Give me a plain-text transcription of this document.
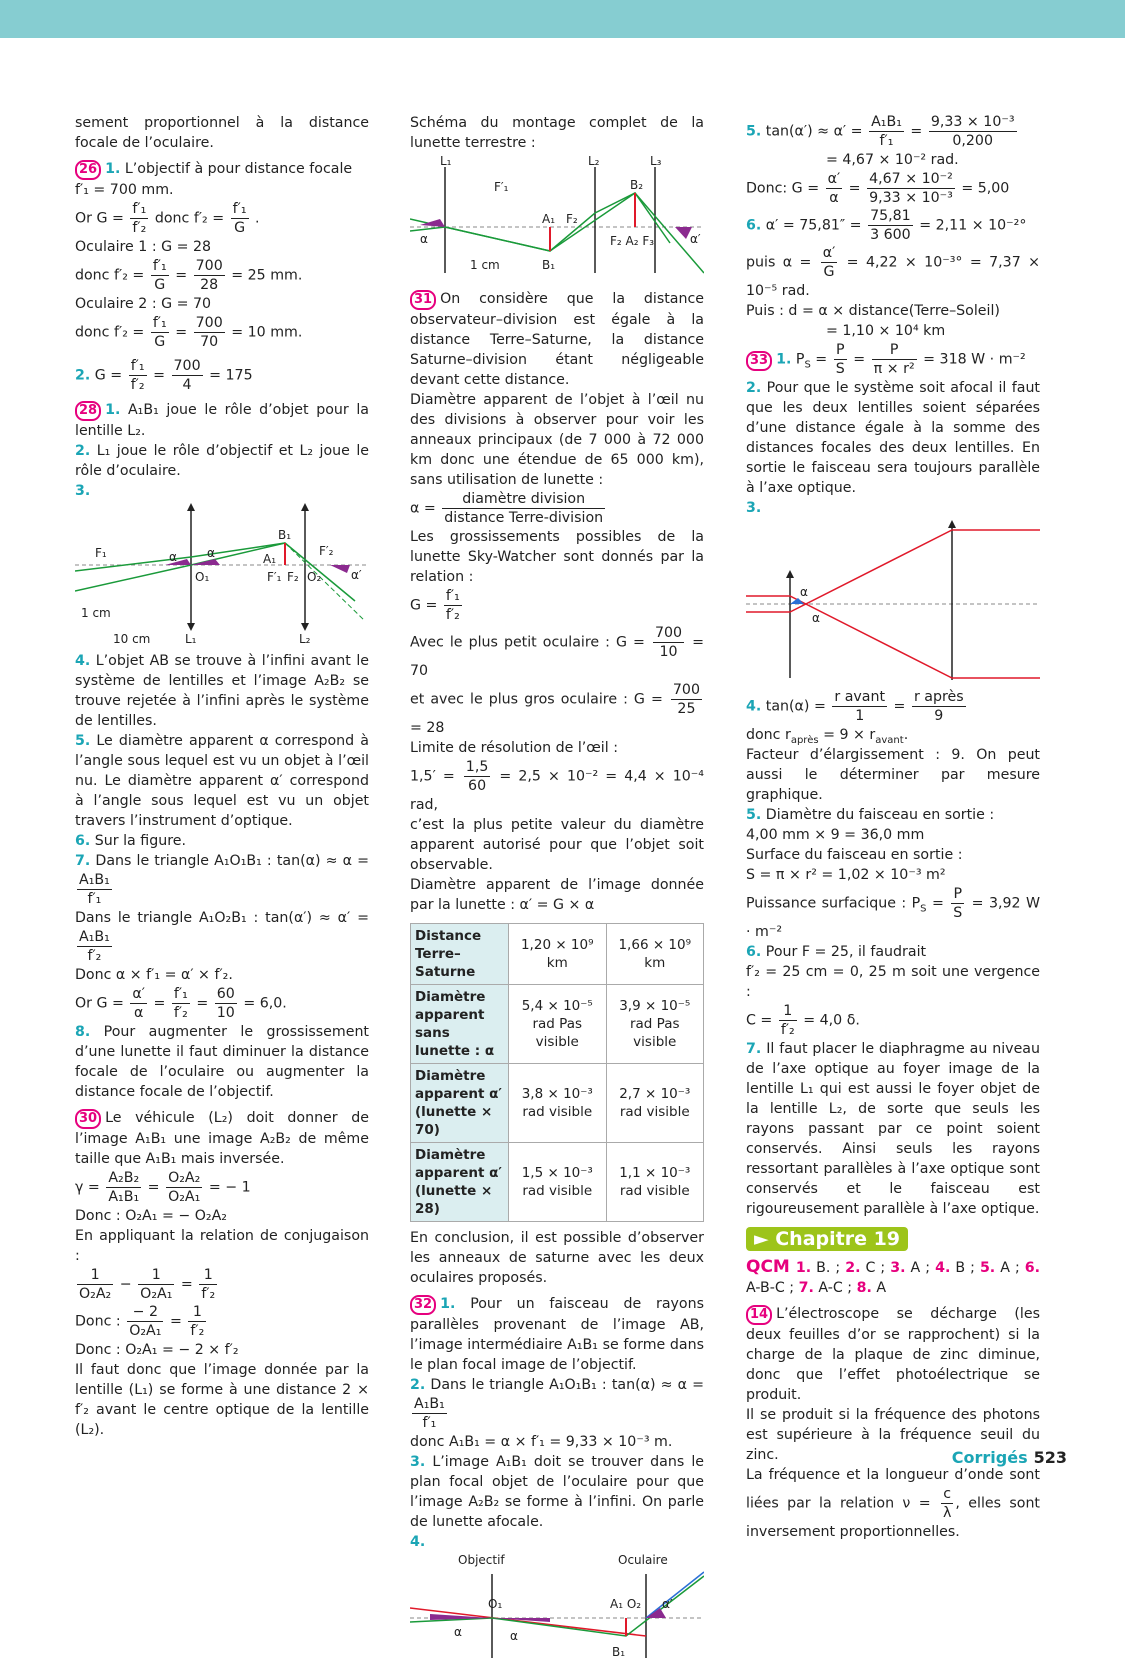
sement proportionnel à la distance focale de l’oculaire.
26 1. L’objectif à pour distance focale
f′₁ = 700 mm.
Or $G = \frac{\text{f′₁}}{\text{f′₂}}$ donc $f'_2 = \frac{\text{f′₁}}{G}$ .
Oculaire 1 : G = 28
donc $f'_2 = \frac{\text{f′₁}}{G} = \frac{700}{28} = 25$ mm.
Oculaire 2 : G = 70
donc $f'_2 = \frac{\text{f′₁}}{G} = \frac{700}{70} = 10$ mm.
2. $G = \frac{\text{f′₁}}{\text{f′₂}} = \frac{700}{4} = 175$
28 1. A₁B₁ joue le rôle d’objet pour la lentille L₂.
2. L₁ joue le rôle d’objectif et L₂ joue le rôle d’oculaire.
3.
F₁	α	α
O₁
B₁
A₁
F′₁ F₂ O₂
F′₂
α′
1 cm
10 cm	L₁	L₂
4. L’objet AB se trouve à l’infini avant le système de lentilles et l’image A₂B₂ se trouve rejetée à l’infini après le système de lentilles.
5. Le diamètre apparent α correspond à l’angle sous lequel est vu un objet à l’œil nu. Le diamètre apparent α′ correspond à l’angle sous lequel est vu un objet travers l’instrument d’optique.
6. Sur la figure.
7. Dans le triangle A₁O₁B₁ : tan(α) ≈ α =
$\frac{\text{A₁B₁}}{\text{f′₁}}$
Dans le triangle A₁O₂B₁ : tan(α′) ≈ α′ =
$\frac{\text{A₁B₁}}{\text{f′₂}}$
Donc α × f′₁ = α′ × f′₂.
Or $G = \frac{\alpha'}{\alpha} = \frac{\text{f′₁}}{\text{f′₂}} = \frac{60}{10} = 6,0$.
8. Pour augmenter le grossissement d’une lunette il faut diminuer la distance focale de l’oculaire ou augmenter la distance focale de l’objectif.
30 Le véhicule (L₂) doit donner de l’image A₁B₁ une image A₂B₂ de même taille que A₁B₁ mais inversée.
$\gamma = \frac{\text{A₂B₂}}{\text{A₁B₁}} = \frac{\text{O₂A₂}}{\text{O₂A₁}}$ = − 1
Donc : O₂A₁ = − O₂A₂
En appliquant la relation de conjugaison :
$\frac{1}{\text{O₂A₂}} - \frac{1}{\text{O₂A₁}} = \frac{1}{\text{f′₂}}$
Donc : $\frac{- 2}{\text{O₂A₁}} = \frac{1}{\text{f′₂}}$
Donc : O₂A₁ = − 2 × f′₂
Il faut donc que l’image donnée par la lentille (L₁) se forme à une distance 2 × f′₂ avant le centre optique de la lentille (L₂).
Schéma du montage complet de la lunette terrestre :
L₁
F′₁
L₂	L₃
B₂
A₁ F₂
α	α′
B₁
F₂ A₂ F₃
1 cm
31 On considère que la distance observateur–division est égale à la distance Terre–Saturne, la distance Saturne–division étant négligeable devant cette distance.
Diamètre apparent de l’objet à l’œil nu des divisions à observer pour voir les anneaux principaux (de 7 000 à 72 000 km donc une étendue de 65 000 km), sans utilisation de lunette :
α =
diamètre division
distance Terre-division
Les grossissements possibles de la lunette Sky-Watcher sont donnés par la relation :
$G = \frac{\text{f′₁}}{\text{f′₂}}$
Avec le plus petit oculaire : $G = \frac{700}{10} = 70$
et avec le plus gros oculaire : $G = \frac{700}{25}$
= 28
Limite de résolution de l’œil :
$1,5' = \frac{1,5}{60} = 2,5 \times 10^{-2} = 4,4 \times 10^{-4}$ rad,
c’est la plus petite valeur du diamètre apparent autorisé pour que l’objet soit observable.
Diamètre apparent de l’image donnée par la lunette : α′ = G × α
Distance Terre–Saturne	1,20 × 10⁹ km	1,66 × 10⁹ km
Diamètre apparent sans lunette : α	5,4 × 10⁻⁵ rad Pas visible	3,9 × 10⁻⁵ rad Pas visible
Diamètre apparent α′ (lunette × 70)	3,8 × 10⁻³ rad visible	2,7 × 10⁻³ rad visible
Diamètre apparent α′ (lunette × 28)	1,5 × 10⁻³ rad visible	1,1 × 10⁻³ rad visible
En conclusion, il est possible d’observer les anneaux de saturne avec les deux oculaires proposés.
32 1. Pour un faisceau de rayons parallèles provenant de l’image AB, l’image intermédiaire A₁B₁ se forme dans le plan focal image de l’objectif.
2. Dans le triangle A₁O₁B₁ : tan(α) ≈ α =
$\frac{\text{A₁B₁}}{\text{f′₁}}$
donc A₁B₁ = α × f′₁ = 9,33 × 10⁻³ m.
3. L’image A₁B₁ doit se trouver dans le plan focal objet de l’oculaire pour que l’image A₂B₂ se forme à l’infini. On parle de lunette afocale.
4.
Objectif	Oculaire
O₁	A₁ O₂ α′
α	α
B₁
5. $\tan(\alpha') \approx \alpha' = \frac{\text{A₁B₁}}{\text{f′₁}} = \frac{\text{9,33 × 10⁻³}}{0,200}$
= 4,67 × 10⁻² rad.
Donc: $G = \frac{\alpha'}{\alpha} = \frac{\text{4,67 × 10⁻²}}{\text{9,33 × 10⁻³}} = 5,00$
6. $\alpha' = 75,81'' = \frac{75,81}{3 600} = 2,11 \times 10^{-2}^\circ$
puis $\alpha = \frac{\alpha'}{G} = 4,22 \times 10^{-3}^\circ = 7,37 \times 10^{-5}$ rad.
Puis : d = α × distance(Terre–Soleil)
= 1,10 × 10⁴ km
33 1. $P_S = \frac{P}{S} = \frac{P}{\text{π × r²}} = 318$ W · m⁻²
2. Pour que le système soit afocal il faut que les deux lentilles soient séparées d’une distance égale à la somme des distances focales des deux lentilles. En sortie le faisceau sera toujours parallèle à l’axe optique.
3.
α
α
4. tan(α) =
r avant
1
=
r après
9
donc $r_{après} = 9 \times r_{avant}$.
Facteur d’élargissement : 9. On peut aussi le déterminer par mesure graphique.
5. Diamètre du faisceau en sortie :
4,00 mm × 9 = 36,0 mm
Surface du faisceau en sortie :
S = π × r² = 1,02 × 10⁻³ m²
Puissance surfacique : $P_S = \frac{P}{S} = 3,92$ W · m⁻²
6. Pour F = 25, il faudrait
f′₂ = 25 cm = 0, 25 m soit une vergence :
$C = \frac{1}{\text{f′₂}} = 4,0$ δ.
7. Il faut placer le diaphragme au niveau de l’axe optique au foyer image de la lentille L₁ qui est aussi le foyer objet de la lentille L₂, de sorte que seuls les rayons passant par ce point soient conservés. Ainsi seuls les rayons ressortant parallèles à l’axe optique sont conservés et le faisceau est rigoureusement parallèle à l’axe optique.
► Chapitre 19
QCM 1. B. ; 2. C ; 3. A ; 4. B ; 5. A ; 6. A-B-C ; 7. A-C ; 8. A
14 L’électroscope se décharge (les deux feuilles d’or se rapprochent) si la charge de la plaque de zinc diminue, donc que l’effet photoélectrique se produit.
Il se produit si la fréquence des photons est supérieure à la fréquence seuil du zinc.
La fréquence et la longueur d’onde sont liées par la relation $\nu = \frac{c}{\lambda}$ , elles sont inversement proportionnelles.
Corrigés 523
